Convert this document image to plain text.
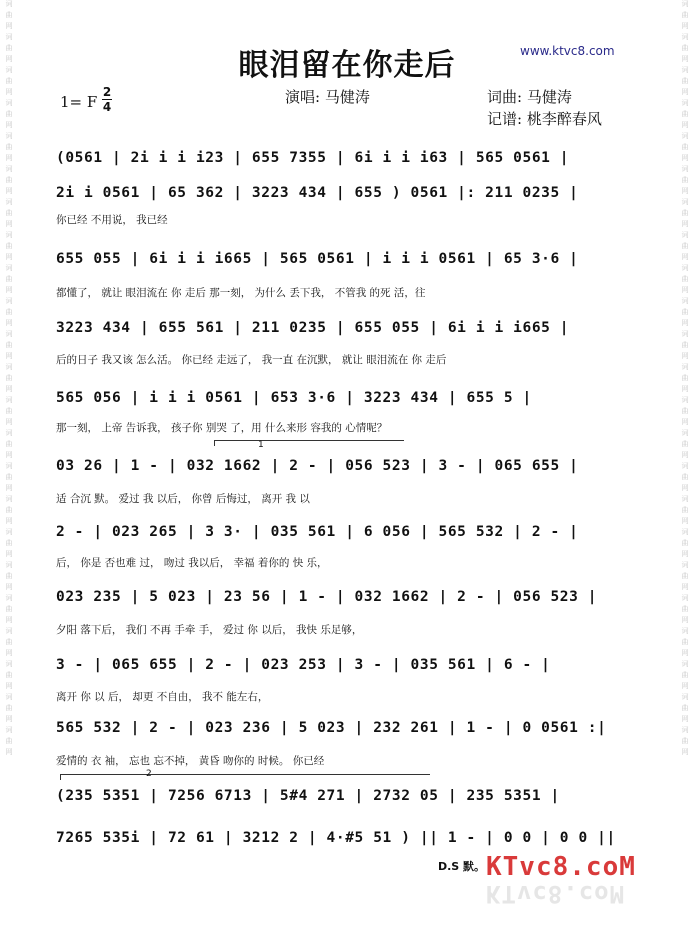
词
曲
网
词
曲
网
词
曲
网
词
曲
网
词
曲
网
词
曲
网
词
曲
网
词
曲
网
词
曲
网
词
曲
网
词
曲
网
词
曲
网
词
曲
网
词
曲
网
词
曲
网
词
曲
网
词
曲
网
词
曲
网
词
曲
网
词
曲
网
词
曲
网
词
曲
网
词
曲
网
词
曲
网
词
曲
网
词
曲
网
词
曲
网
词
曲
网
词
曲
网
词
曲
网
词
曲
网
词
曲
网
词
曲
网
词
曲
网
词
曲
网
词
曲
网
词
曲
网
词
曲
网
词
曲
网
词
曲
网
词
曲
网
词
曲
网
词
曲
网
词
曲
网
词
曲
网
词
曲
网
眼泪留在你走后	www.ktvc8.com
1= F
2
4
演唱: 马健涛	词曲: 马健涛
记谱: 桃李醉春风
(0561 | 2i i i i23 | 655 7355 | 6i i i i63 | 565 0561 |
2i i 0561 | 65 362 | 3223 434 | 655 ) 0561 |: 211 0235 |
你已经 不用说， 我已经
655 055 | 6i i i i665 | 565 0561 | i i i 0561 | 65 3·6 |
都懂了， 就让 眼泪流在 你 走后 那一刻， 为什么 丢下我， 不管我 的死 活，往
3223 434 | 655 561 | 211 0235 | 655 055 | 6i i i i665 |
后的日子 我又该 怎么活。 你已经 走远了， 我一直 在沉默， 就让 眼泪流在 你 走后
565 056 | i i i 0561 | 653 3·6 | 3223 434 | 655 5 |
那一刻， 上帝 告诉我， 孩子你 别哭 了，用 什么来形 容我的 心情呢？
03 26 | 1 - | 032 1662 | 2 - | 056 523 | 3 - | 065 655 |
适 合沉 默。 爱过 我 以后， 你曾 后悔过， 离开 我 以
2 - | 023 265 | 3 3· | 035 561 | 6 056 | 565 532 | 2 - |
后， 你是 否也难 过， 吻过 我以后， 幸福 着你的 快 乐，
023 235 | 5 023 | 23 56 | 1 - | 032 1662 | 2 - | 056 523 |
夕阳 落下后， 我们 不再 手牵 手， 爱过 你 以后， 我快 乐足够，
3 - | 065 655 | 2 - | 023 253 | 3 - | 035 561 | 6 - |
离开 你 以 后， 却更 不自由， 我不 能左右，
565 532 | 2 - | 023 236 | 5 023 | 232 261 | 1 - | 0 0561 :|
爱情的 衣 袖， 忘也 忘不掉， 黄昏 吻你的 时候。 你已经
(235 5351 | 7256 6713 | 5#4 271 | 2732 05 | 235 5351 |
7265 535i | 72 61 | 3212 2 | 4·#5 51 ) || 1 - | 0 0 | 0 0 ||
1
2
D.S 默。 KTvc8.coM
KTvc8.coM
